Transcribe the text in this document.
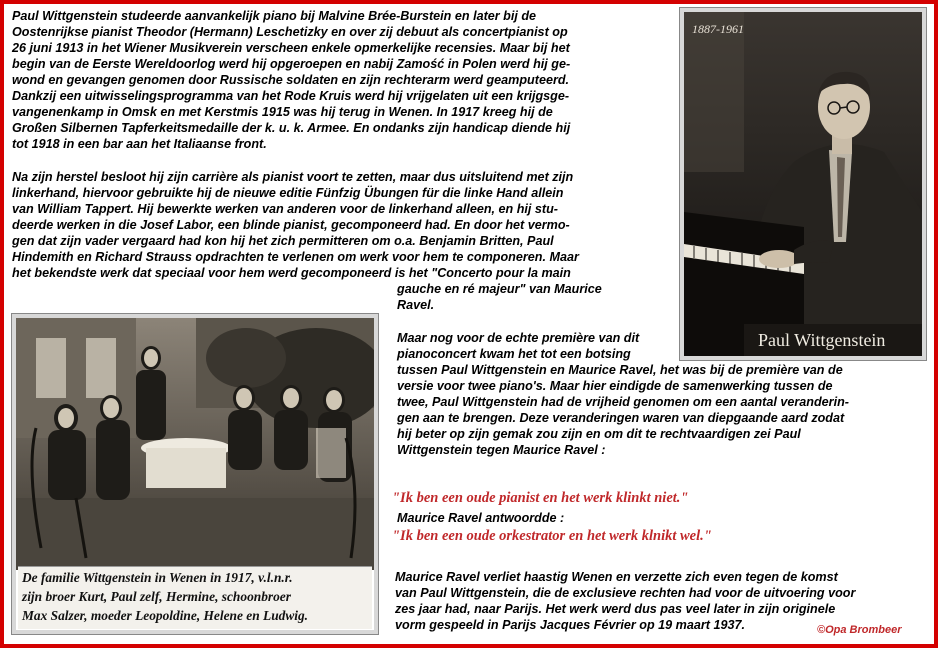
Paul Wittgenstein studeerde aanvankelijk piano bij Malvine Brée-Burstein en later bij de

Oostenrijkse pianist Theodor (Hermann) Leschetizky en over zij debuut als concertpianist op

26 juni 1913 in het Wiener Musikverein verscheen enkele opmerkelijke recensies. Maar bij het

begin van de Eerste Wereldoorlog werd hij opgeroepen en nabij Zamość in Polen werd hij ge-

wond en gevangen genomen door Russische soldaten en zijn rechterarm werd geamputeerd.

Dankzij een uitwisselingsprogramma van het Rode Kruis werd hij vrijgelaten uit een krijgsge-

vangenenkamp in Omsk en met Kerstmis 1915 was hij terug in Wenen. In 1917 kreeg hij de

Großen Silbernen Tapferkeitsmedaille der k. u. k. Armee. En ondanks zijn handicap diende hij

tot 1918 in een bar aan het Italiaanse front.

Na zijn herstel besloot hij zijn carrière als pianist voort te zetten, maar dus uitsluitend met zijn

linkerhand, hiervoor gebruikte hij de nieuwe editie Fünfzig Übungen für die linke Hand allein

van William Tappert. Hij bewerkte werken van anderen voor de linkerhand alleen, en hij stu-

deerde werken in die Josef Labor, een blinde pianist, gecomponeerd had. En door het vermo-

gen dat zijn vader vergaard had kon hij het zich permitteren om o.a. Benjamin Britten, Paul

Hindemith en Richard Strauss opdrachten te verlenen om werk voor hem te componeren. Maar

het bekendste werk dat speciaal voor hem werd gecomponeerd is het "Concerto pour la main

gauche en ré majeur" van Maurice

Ravel.

Maar nog voor de echte première van dit

pianoconcert kwam het tot een botsing

tussen Paul Wittgenstein en Maurice Ravel, het was bij de première van de

versie voor twee piano's. Maar hier eindigde de samenwerking tussen de

twee, Paul Wittgenstein had de vrijheid genomen om een aantal veranderin-

gen aan te brengen. Deze veranderingen waren van diepgaande aard zodat

hij beter op zijn gemak zou zijn en om dit te rechtvaardigen zei Paul

Wittgenstein tegen Maurice Ravel :

"Ik ben een oude pianist en het werk klinkt niet."

Maurice Ravel antwoordde :

"Ik ben een oude orkestrator en het werk klnikt wel."

Maurice Ravel verliet haastig Wenen en verzette zich even tegen de komst

van Paul Wittgenstein, die de exclusieve rechten had voor de uitvoering voor

zes jaar had, naar Parijs. Het werk werd dus pas veel later in zijn originele

vorm gespeeld in Parijs Jacques Février op 19 maart 1937.	©Opa Brombeer
1887-1961
Paul Wittgenstein

De familie Wittgenstein in Wenen in 1917, v.l.n.r.

zijn broer Kurt, Paul zelf, Hermine, schoonbroer

Max Salzer, moeder Leopoldine, Helene en Ludwig.
